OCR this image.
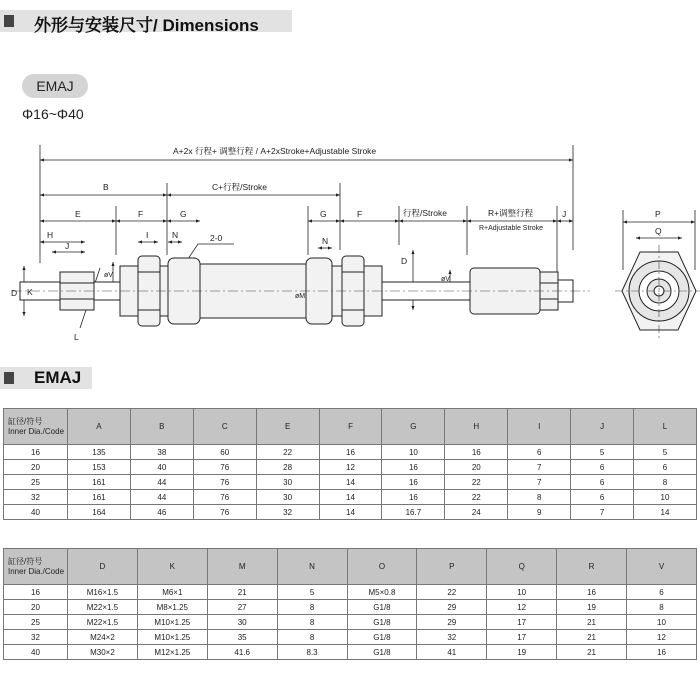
外形与安装尺寸/ Dimensions
EMAJ
Φ16~Φ40
A+2x 行程+ 调整行程 / A+2xStroke+Adjustable Stroke
B	C+行程/Stroke
E	F	G	G	F	行程/Stroke	R+调整行程
R+Adjustable Stroke
J
H
J
I	N
N
2-0
D K
øV
øM
L
D
øV
P
Q
EMAJ
缸径/符号
Inner Dia./Code	A	B	C	E	F	G	H	I	J	L
16	135	38	60	22	16	10	16	6	5	5
20	153	40	76	28	12	16	20	7	6	6
25	161	44	76	30	14	16	22	7	6	8
32	161	44	76	30	14	16	22	8	6	10
40	164	46	76	32	14	16.7	24	9	7	14
缸径/符号
Inner Dia./Code	D	K	M	N	O	P	Q	R	V
16	M16×1.5	M6×1	21	5	M5×0.8	22	10	16	6
20	M22×1.5	M8×1.25	27	8	G1/8	29	12	19	8
25	M22×1.5	M10×1.25	30	8	G1/8	29	17	21	10
32	M24×2	M10×1.25	35	8	G1/8	32	17	21	12
40	M30×2	M12×1.25	41.6	8.3	G1/8	41	19	21	16
